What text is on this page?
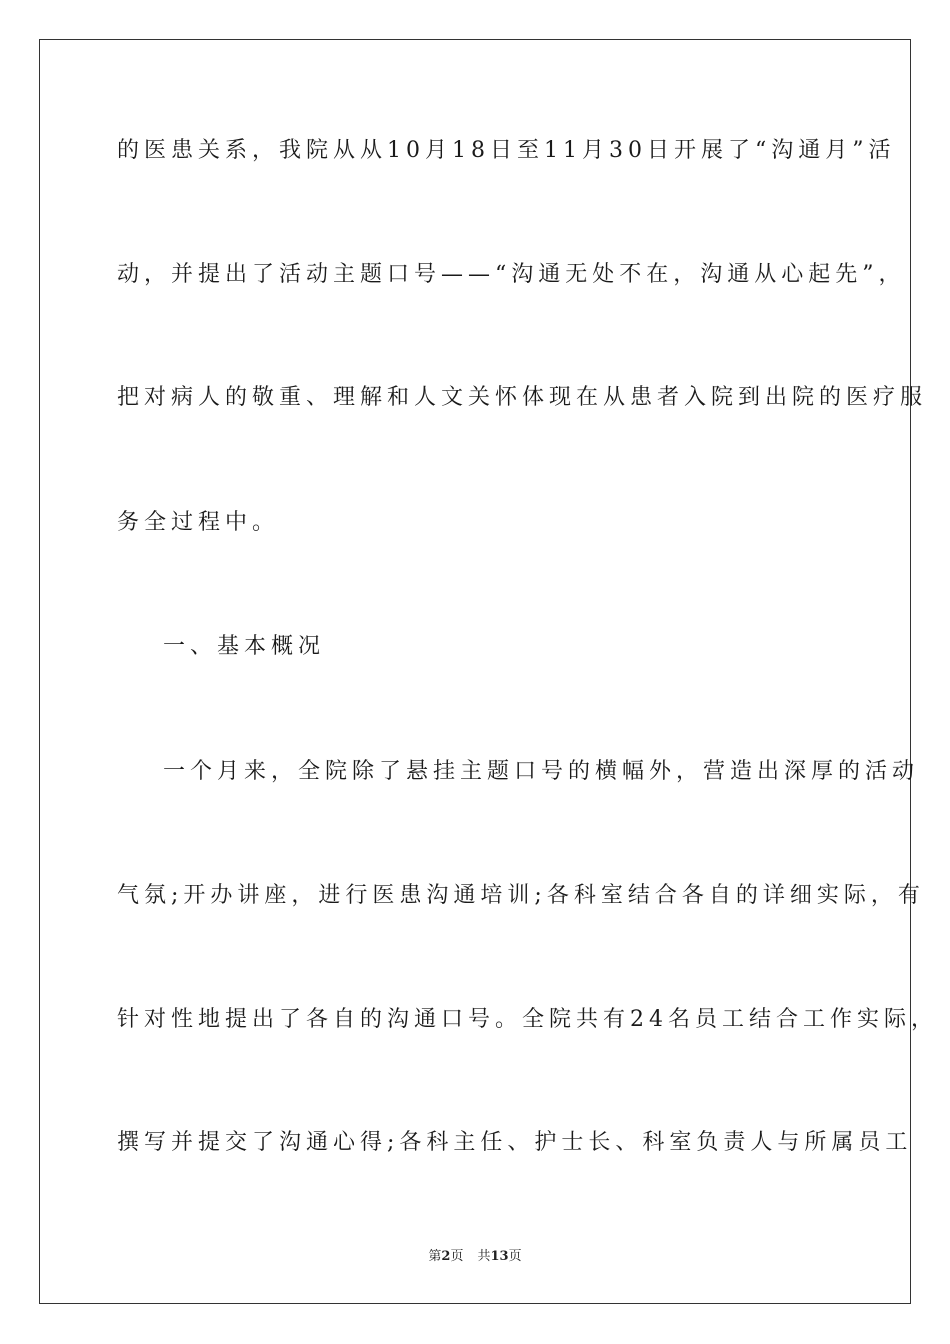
的医患关系，我院从从10月18日至11月30日开展了“沟通月”活
动，并提出了活动主题口号——“沟通无处不在，沟通从心起先”，
把对病人的敬重、理解和人文关怀体现在从患者入院到出院的医疗服
务全过程中。
一、基本概况
一个月来，全院除了悬挂主题口号的横幅外，营造出深厚的活动
气氛;开办讲座，进行医患沟通培训;各科室结合各自的详细实际，有
针对性地提出了各自的沟通口号。全院共有24名员工结合工作实际，
撰写并提交了沟通心得;各科主任、护士长、科室负责人与所属员工
第2页 共13页
